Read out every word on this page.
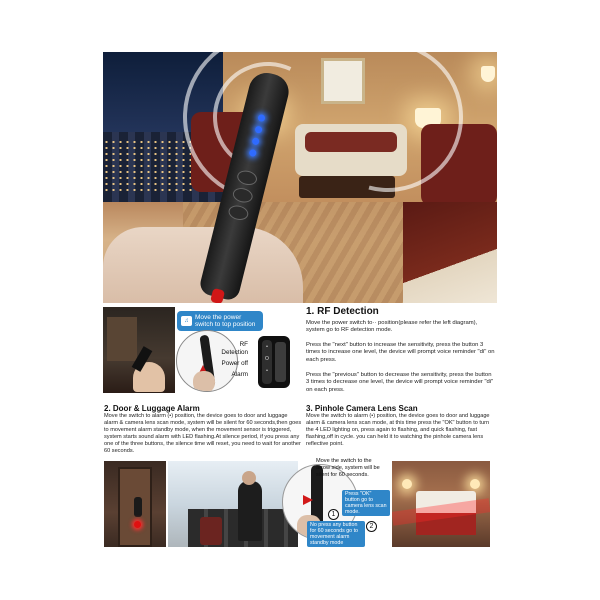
♫ Move the power switch to top position
RF
Detection
Power off
Alarm
•
O
•
1. RF Detection
Move the power switch to·· position(please refer the left diagram), system go to RF detection mode.
Press the "next" button to increase the sensitivity, press the button 3 times to increase one level, the device will prompt voice reminder "di" on each press.
Press the "previous" button to decrease the sensitivity, press the button 3 times to decrease one level, the device will prompt voice reminder "di" on each press.
2. Door & Luggage Alarm
Move the switch to alarm (•) position, the device goes to door and luggage alarm & camera lens scan mode, system will be silent for 60 seconds,then goes to movement alarm standby mode, when the movement sensor is triggered, system starts sound alarm with LED flashing.At silence period, if you press any one of the three buttons, the silence time will reset, you need to wait for another 60 seconds.
3. Pinhole Camera Lens Scan
Move the switch to alarm (•) position, the device goes to door and luggage alarm & camera lens scan mode, at this time press the "OK" button to turn the 4 LED lighting on, press again to flashing, and quick flashing, fast flashing,off in cycle. you can held it to watching the pinhole camera lens reflective point.
Move the switch to the arrow side, system will be silent for 60 seconds.
1
Press "OK" button go to camera lens scan mode.
2
No press any button for 60 seconds go to movement alarm standby mode
